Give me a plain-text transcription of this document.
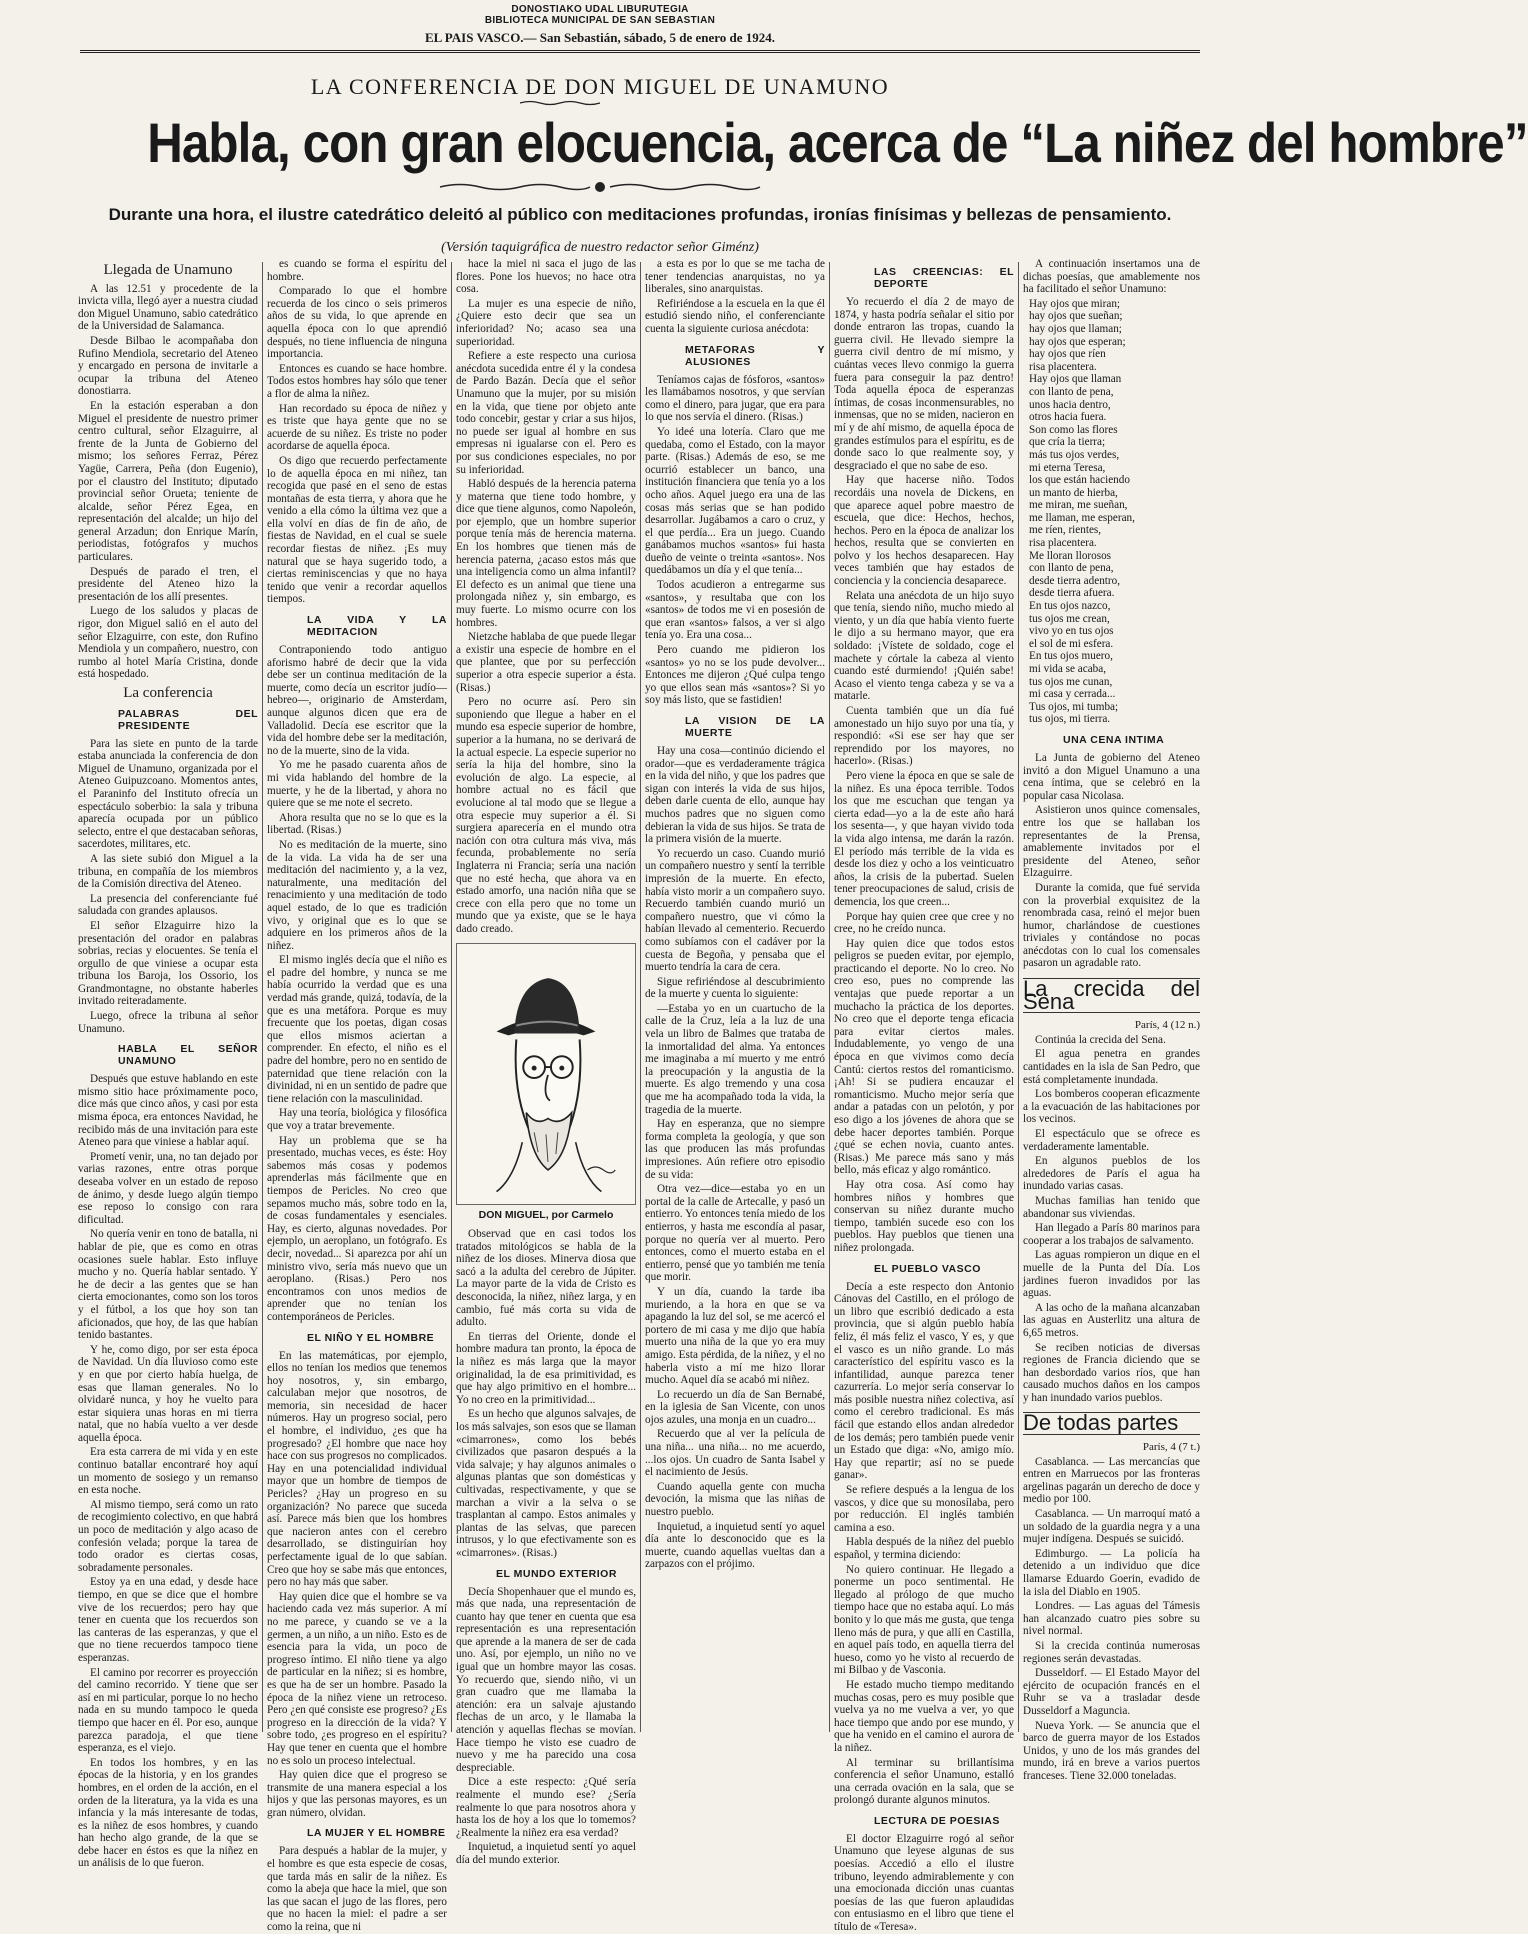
DONOSTIAKO UDAL LIBURUTEGIA
BIBLIOTECA MUNICIPAL DE SAN SEBASTIAN
EL PAIS VASCO.— San Sebastián, sábado, 5 de enero de 1924.
LA CONFERENCIA DE DON MIGUEL DE UNAMUNO
Habla, con gran elocuencia, acerca de “La niñez del hombre”
Durante una hora, el ilustre catedrático deleitó al público con meditaciones profundas, ironías finísimas y bellezas de pensamiento.
(Versión taquigráfica de nuestro redactor señor Giménz)
Llegada de Unamuno

A las 12.51 y procedente de la invicta villa, llegó ayer a nuestra ciudad don Miguel Unamuno, sabio catedrático de la Universidad de Salamanca.

Desde Bilbao le acompañaba don Rufino Mendiola, secretario del Ateneo y encargado en persona de invitarle a ocupar la tribuna del Ateneo donostiarra.

En la estación esperaban a don Miguel el presidente de nuestro primer centro cultural, señor Elzaguirre, al frente de la Junta de Gobierno del mismo; los señores Ferraz, Pérez Yagüe, Carrera, Peña (don Eugenio), por el claustro del Instituto; diputado provincial señor Orueta; teniente de alcalde, señor Pérez Egea, en representación del alcalde; un hijo del general Arzadun; don Enrique Marín, periodistas, fotógrafos y muchos particulares.

Después de parado el tren, el presidente del Ateneo hizo la presentación de los allí presentes.

Luego de los saludos y placas de rigor, don Miguel salió en el auto del señor Elzaguirre, con este, don Rufino Mendiola y un compañero, nuestro, con rumbo al hotel María Cristina, donde está hospedado.

La conferencia
PALABRAS DEL PRESIDENTE

Para las siete en punto de la tarde estaba anunciada la conferencia de don Miguel de Unamuno, organizada por el Ateneo Guipuzcoano. Momentos antes, el Paraninfo del Instituto ofrecía un espectáculo soberbio: la sala y tribuna aparecía ocupada por un público selecto, entre el que destacaban señoras, sacerdotes, militares, etc.

A las siete subió don Miguel a la tribuna, en compañía de los miembros de la Comisión directiva del Ateneo.

La presencia del conferenciante fué saludada con grandes aplausos.

El señor Elzaguirre hizo la presentación del orador en palabras sobrias, recias y elocuentes. Se tenía el orgullo de que viniese a ocupar esta tribuna los Baroja, los Ossorio, los Grandmontagne, no obstante haberles invitado reiteradamente.

Luego, ofrece la tribuna al señor Unamuno.

HABLA EL SEÑOR UNAMUNO

Después que estuve hablando en este mismo sitio hace próximamente poco, dice más que cinco años, y casi por esta misma época, era entonces Navidad, he recibido más de una invitación para este Ateneo para que viniese a hablar aquí.

Prometí venir, una, no tan dejado por varias razones, entre otras porque deseaba volver en un estado de reposo de ánimo, y desde luego algún tiempo ese reposo lo consigo con rara dificultad.

No quería venir en tono de batalla, ni hablar de pie, que es como en otras ocasiones suele hablar. Esto influye mucho y no. Quería hablar sentado. Y he de decir a las gentes que se han cierta emocionantes, como son los toros y el fútbol, a los que hoy son tan aficionados, que hoy, de las que habían tenido bastantes.

Y he, como digo, por ser esta época de Navidad. Un día lluvioso como este y en que por cierto había huelga, de esas que llaman generales. No lo olvidaré nunca, y hoy he vuelto para estar siquiera unas horas en mi tierra natal, que no había vuelto a ver desde aquella época.

Era esta carrera de mi vida y en este continuo batallar encontraré hoy aquí un momento de sosiego y un remanso en esta noche.

Al mismo tiempo, será como un rato de recogimiento colectivo, en que habrá un poco de meditación y algo acaso de confesión velada; porque la tarea de todo orador es ciertas cosas, sobradamente personales.

Estoy ya en una edad, y desde hace tiempo, en que se dice que el hombre vive de los recuerdos; pero hay que tener en cuenta que los recuerdos son las canteras de las esperanzas, y que el que no tiene recuerdos tampoco tiene esperanzas.

El camino por recorrer es proyección del camino recorrido. Y tiene que ser así en mi particular, porque lo no hecho nada en su mundo tampoco le queda tiempo que hacer en él. Por eso, aunque parezca paradoja, el que tiene esperanza, es el viejo.

En todos los hombres, y en las épocas de la historia, y en los grandes hombres, en el orden de la acción, en el orden de la literatura, ya la vida es una infancia y la más interesante de todas, es la niñez de esos hombres, y cuando han hecho algo grande, de la que se debe hacer en éstos es que la niñez en un análisis de lo que fueron.

es cuando se forma el espíritu del hombre.

Comparado lo que el hombre recuerda de los cinco o seis primeros años de su vida, lo que aprende en aquella época con lo que aprendió después, no tiene influencia de ninguna importancia.

Entonces es cuando se hace hombre. Todos estos hombres hay sólo que tener a flor de alma la niñez.

Han recordado su época de niñez y es triste que haya gente que no se acuerde de su niñez. Es triste no poder acordarse de aquella época.

Os digo que recuerdo perfectamente lo de aquella época en mi niñez, tan recogida que pasé en el seno de estas montañas de esta tierra, y ahora que he venido a ella cómo la última vez que a ella volví en días de fin de año, de fiestas de Navidad, en el cual se suele recordar fiestas de niñez. ¡Es muy natural que se haya sugerido todo, a ciertas reminiscencias y que no haya tenido que venir a recordar aquellos tiempos.

LA VIDA Y LA MEDITACION

Contraponiendo todo antiguo aforismo habré de decir que la vida debe ser un continua meditación de la muerte, como decía un escritor judío—hebreo—, originario de Amsterdam, aunque algunos dicen que era de Valladolid. Decía ese escritor que la vida del hombre debe ser la meditación, no de la muerte, sino de la vida.

Yo me he pasado cuarenta años de mi vida hablando del hombre de la muerte, y he de la libertad, y ahora no quiere que se me note el secreto.

Ahora resulta que no se lo que es la libertad. (Risas.)

No es meditación de la muerte, sino de la vida. La vida ha de ser una meditación del nacimiento y, a la vez, naturalmente, una meditación del renacimiento y una meditación de todo aquel estado, de lo que es tradición vivo, y original que es lo que se adquiere en los primeros años de la niñez.

El mismo inglés decía que el niño es el padre del hombre, y nunca se me había ocurrido la verdad que es una verdad más grande, quizá, todavía, de la que es una metáfora. Porque es muy frecuente que los poetas, digan cosas que ellos mismos aciertan a comprender. En efecto, el niño es el padre del hombre, pero no en sentido de paternidad que tiene relación con la divinidad, ni en un sentido de padre que tiene relación con la masculinidad.

Hay una teoría, biológica y filosófica que voy a tratar brevemente.

Hay un problema que se ha presentado, muchas veces, es éste: Hoy sabemos más cosas y podemos aprenderlas más fácilmente que en tiempos de Pericles. No creo que sepamos mucho más, sobre todo en la, de cosas fundamentales y esenciales. Hay, es cierto, algunas novedades. Por ejemplo, un aeroplano, un fotógrafo. Es decir, novedad... Si aparezca por ahí un ministro vivo, sería más nuevo que un aeroplano. (Risas.) Pero nos encontramos con unos medios de aprender que no tenían los contemporáneos de Pericles.

EL NIÑO Y EL HOMBRE

En las matemáticas, por ejemplo, ellos no tenían los medios que tenemos hoy nosotros, y, sin embargo, calculaban mejor que nosotros, de memoria, sin necesidad de hacer números. Hay un progreso social, pero el hombre, el individuo, ¿es que ha progresado? ¿El hombre que nace hoy hace con sus progresos no complicados. Hay en una potencialidad individual mayor que un hombre de tiempos de Pericles? ¿Hay un progreso en su organización? No parece que suceda así. Parece más bien que los hombres que nacieron antes con el cerebro desarrollado, se distinguirían hoy perfectamente igual de lo que sabían. Creo que hoy se sabe más que entonces, pero no hay más que saber.

Hay quien dice que el hombre se va haciendo cada vez más superior. A mí no me parece, y cuando se ve a la germen, a un niño, a un niño. Esto es de esencia para la vida, un poco de progreso íntimo. El niño tiene ya algo de particular en la niñez; si es hombre, es que ha de ser un hombre. Pasado la época de la niñez viene un retroceso. Pero ¿en qué consiste ese progreso? ¿Es progreso en la dirección de la vida? Y sobre todo, ¿es progreso en el espíritu? Hay que tener en cuenta que el hombre no es solo un proceso intelectual.

Hay quien dice que el progreso se transmite de una manera especial a los hijos y que las personas mayores, es un gran número, olvidan.

LA MUJER Y EL HOMBRE

Para después a hablar de la mujer, y el hombre es que esta especie de cosas, que tarda más en salir de la niñez. Es como la abeja que hace la miel, que son las que sacan el jugo de las flores, pero que no hacen la miel: el padre a ser como la reina, que ni

hace la miel ni saca el jugo de las flores. Pone los huevos; no hace otra cosa.

La mujer es una especie de niño, ¿Quiere esto decir que sea un inferioridad? No; acaso sea una superioridad.

Refiere a este respecto una curiosa anécdota sucedida entre él y la condesa de Pardo Bazán. Decía que el señor Unamuno que la mujer, por su misión en la vida, que tiene por objeto ante todo concebir, gestar y criar a sus hijos, no puede ser igual al hombre en sus empresas ni igualarse con el. Pero es por sus condiciones especiales, no por su inferioridad.

Habló después de la herencia paterna y materna que tiene todo hombre, y dice que tiene algunos, como Napoleón, por ejemplo, que un hombre superior porque tenía más de herencia materna. En los hombres que tienen más de herencia paterna, ¿acaso estos más que una inteligencia como un alma infantil? El defecto es un animal que tiene una prolongada niñez y, sin embargo, es muy fuerte. Lo mismo ocurre con los hombres.

Nietzche hablaba de que puede llegar a existir una especie de hombre en el que plantee, que por su perfección superior a otra especie superior a ésta. (Risas.)

Pero no ocurre así. Pero sin suponiendo que llegue a haber en el mundo esa especie superior de hombre, superior a la humana, no se derivará de la actual especie. La especie superior no sería la hija del hombre, sino la evolución de algo. La especie, al hombre actual no es fácil que evolucione al tal modo que se llegue a otra especie muy superior a él. Si surgiera aparecería en el mundo otra nación con otra cultura más viva, más fecunda, probablemente no sería Inglaterra ni Francia; sería una nación que no esté hecha, que ahora va en estado amorfo, una nación niña que se crece con ella pero que no tome un mundo que ya existe, que se le haya dado creado.

DON MIGUEL, por Carmelo

Observad que en casi todos los tratados mitológicos se habla de la niñez de los dioses. Minerva diosa que sacó a la adulta del cerebro de Júpiter. La mayor parte de la vida de Cristo es desconocida, la niñez, niñez larga, y en cambio, fué más corta su vida de adulto.

En tierras del Oriente, donde el hombre madura tan pronto, la época de la niñez es más larga que la mayor originalidad, la de esa primitividad, es que hay algo primitivo en el hombre... Yo no creo en la primitividad...

Es un hecho que algunos salvajes, de los más salvajes, son esos que se llaman «cimarrones», como los bebés civilizados que pasaron después a la vida salvaje; y hay algunos animales o algunas plantas que son domésticas y cultivadas, respectivamente, y que se marchan a vivir a la selva o se trasplantan al campo. Estos animales y plantas de las selvas, que parecen intrusos, y lo que efectivamente son es «cimarrones». (Risas.)

EL MUNDO EXTERIOR

Decía Shopenhauer que el mundo es, más que nada, una representación de cuanto hay que tener en cuenta que esa representación es una representación que aprende a la manera de ser de cada uno. Así, por ejemplo, un niño no ve igual que un hombre mayor las cosas. Yo recuerdo que, siendo niño, vi un gran cuadro que me llamaba la atención: era un salvaje ajustando flechas de un arco, y le llamaba la atención y aquellas flechas se movían. Hace tiempo he visto ese cuadro de nuevo y me ha parecido una cosa despreciable.

Dice a este respecto: ¿Qué sería realmente el mundo ese? ¿Sería realmente lo que para nosotros ahora y hasta los de hoy a los que lo tomemos? ¿Realmente la niñez era esa verdad?

Inquietud, a inquietud sentí yo aquel día del mundo exterior.

a esta es por lo que se me tacha de tener tendencias anarquistas, no ya liberales, sino anarquistas.

Refiriéndose a la escuela en la que él estudió siendo niño, el conferenciante cuenta la siguiente curiosa anécdota:

METAFORAS Y ALUSIONES

Teníamos cajas de fósforos, «santos» les llamábamos nosotros, y que servían como el dinero, para jugar, que era para lo que nos servía el dinero. (Risas.)

Yo ideé una lotería. Claro que me quedaba, como el Estado, con la mayor parte. (Risas.) Además de eso, se me ocurrió establecer un banco, una institución financiera que tenía yo a los ocho años. Aquel juego era una de las cosas más serias que se han podido desarrollar. Jugábamos a caro o cruz, y el que perdía... Era un juego. Cuando ganábamos muchos «santos» fui hasta dueño de veinte o treinta «santos». Nos quedábamos un día y el que tenía...

Todos acudieron a entregarme sus «santos», y resultaba que con los «santos» de todos me vi en posesión de que eran «santos» falsos, a ver si algo tenía yo. Era una cosa...

Pero cuando me pidieron los «santos» yo no se los pude devolver... Entonces me dijeron ¿Qué culpa tengo yo que ellos sean más «santos»? Si yo soy más listo, que se fastidien!

LA VISION DE LA MUERTE

Hay una cosa—continúo diciendo el orador—que es verdaderamente trágica en la vida del niño, y que los padres que sigan con interés la vida de sus hijos, deben darle cuenta de ello, aunque hay muchos padres que no siguen como debieran la vida de sus hijos. Se trata de la primera visión de la muerte.

Yo recuerdo un caso. Cuando murió un compañero nuestro y sentí la terrible impresión de la muerte. En efecto, había visto morir a un compañero suyo. Recuerdo también cuando murió un compañero nuestro, que vi cómo la habían llevado al cementerio. Recuerdo como subíamos con el cadáver por la cuesta de Begoña, y pensaba que el muerto tendría la cara de cera.

Sigue refiriéndose al descubrimiento de la muerte y cuenta lo siguiente:

—Estaba yo en un cuartucho de la calle de la Cruz, leía a la luz de una vela un libro de Balmes que trataba de la inmortalidad del alma. Ya entonces me imaginaba a mí muerto y me entró la preocupación y la angustia de la muerte. Es algo tremendo y una cosa que me ha acompañado toda la vida, la tragedia de la muerte.

Hay en esperanza, que no siempre forma completa la geología, y que son las que producen las más profundas impresiones. Aún refiere otro episodio de su vida:

Otra vez—dice—estaba yo en un portal de la calle de Artecalle, y pasó un entierro. Yo entonces tenía miedo de los entierros, y hasta me escondía al pasar, porque no quería ver al muerto. Pero entonces, como el muerto estaba en el entierro, pensé que yo también me tenía que morir.

Y un día, cuando la tarde iba muriendo, a la hora en que se va apagando la luz del sol, se me acercó el portero de mi casa y me dijo que había muerto una niña de la que yo era muy amigo. Esta pérdida, de la niñez, y el no haberla visto a mí me hizo llorar mucho. Aquel día se acabó mi niñez.

Lo recuerdo un día de San Bernabé, en la iglesia de San Vicente, con unos ojos azules, una monja en un cuadro...

Recuerdo que al ver la película de una niña... una niña... no me acuerdo, ...los ojos. Un cuadro de Santa Isabel y el nacimiento de Jesús.

Cuando aquella gente con mucha devoción, la misma que las niñas de nuestro pueblo.

Inquietud, a inquietud sentí yo aquel día ante lo desconocido que es la muerte, cuando aquellas vueltas dan a zarpazos con el prójimo.

LAS CREENCIAS: EL DEPORTE

Yo recuerdo el día 2 de mayo de 1874, y hasta podría señalar el sitio por donde entraron las tropas, cuando la guerra civil. He llevado siempre la guerra civil dentro de mí mismo, y cuántas veces llevo conmigo la guerra fuera para conseguir la paz dentro! Toda aquella época de esperanzas íntimas, de cosas inconmensurables, no inmensas, que no se miden, nacieron en mí y de ahí mismo, de aquella época de grandes estímulos para el espíritu, es de donde saco lo que realmente soy, y desgraciado el que no sabe de eso.

Hay que hacerse niño. Todos recordáis una novela de Dickens, en que aparece aquel pobre maestro de escuela, que dice: Hechos, hechos, hechos. Pero en la época de analizar los hechos, resulta que se convierten en polvo y los hechos desaparecen. Hay veces también que hay estados de conciencia y la conciencia desaparece.

Relata una anécdota de un hijo suyo que tenía, siendo niño, mucho miedo al viento, y un día que había viento fuerte le dijo a su hermano mayor, que era soldado: ¡Vístete de soldado, coge el machete y córtale la cabeza al viento cuando esté durmiendo! ¡Quién sabe! Acaso el viento tenga cabeza y se va a matarle.

Cuenta también que un día fué amonestado un hijo suyo por una tía, y respondió: «Si ese ser hay que ser reprendido por los mayores, no hacerlo». (Risas.)

Pero viene la época en que se sale de la niñez. Es una época terrible. Todos los que me escuchan que tengan ya cierta edad—yo a la de este año hará los sesenta—, y que hayan vivido toda la vida algo intensa, me darán la razón. El período más terrible de la vida es desde los diez y ocho a los veinticuatro años, la crisis de la pubertad. Suelen tener preocupaciones de salud, crisis de demencia, los que creen...

Porque hay quien cree que cree y no cree, no he creído nunca.

Hay quien dice que todos estos peligros se pueden evitar, por ejemplo, practicando el deporte. No lo creo. No creo eso, pues no comprende las ventajas que puede reportar a un muchacho la práctica de los deportes. No creo que el deporte tenga eficacia para evitar ciertos males. Indudablemente, yo vengo de una época en que vivimos como decía Cantú: ciertos restos del romanticismo. ¡Ah! Si se pudiera encauzar el romanticismo. Mucho mejor sería que andar a patadas con un pelotón, y por eso digo a los jóvenes de ahora que se debe hacer deportes también. Porque ¿qué se echen novia, cuanto antes. (Risas.) Me parece más sano y más bello, más eficaz y algo romántico.

Hay otra cosa. Así como hay hombres niños y hombres que conservan su niñez durante mucho tiempo, también sucede eso con los pueblos. Hay pueblos que tienen una niñez prolongada.

EL PUEBLO VASCO

Decía a este respecto don Antonio Cánovas del Castillo, en el prólogo de un libro que escribió dedicado a esta provincia, que si algún pueblo había feliz, él más feliz el vasco, Y es, y que el vasco es un niño grande. Lo más característico del espíritu vasco es la infantilidad, aunque parezca tener cazurrería. Lo mejor sería conservar lo más posible nuestra niñez colectiva, así como el cerebro tradicional. Es más fácil que estando ellos andan alrededor de los demás; pero también puede venir un Estado que diga: «No, amigo mío. Hay que repartir; así no se puede ganar».

Se refiere después a la lengua de los vascos, y dice que su monosílaba, pero por reducción. El inglés también camina a eso.

Habla después de la niñez del pueblo español, y termina diciendo:

No quiero continuar. He llegado a ponerme un poco sentimental. He llegado al prólogo de que mucho tiempo hace que no estaba aquí. Lo más bonito y lo que más me gusta, que tenga lleno más de pura, y que allí en Castilla, en aquel país todo, en aquella tierra del hueso, como yo he visto al recuerdo de mi Bilbao y de Vasconia.

He estado mucho tiempo meditando muchas cosas, pero es muy posible que vuelva ya no me vuelva a ver, yo que hace tiempo que ando por ese mundo, y que ha venido en el camino el aurora de la niñez.

Al terminar su brillantísima conferencia el señor Unamuno, estalló una cerrada ovación en la sala, que se prolongó durante algunos minutos.

LECTURA DE POESIAS

El doctor Elzaguirre rogó al señor Unamuno que leyese algunas de sus poesías. Accedió a ello el ilustre tribuno, leyendo admirablemente y con una emocionada dicción unas cuantas poesías de las que fueron aplaudidas con entusiasmo en el libro que tiene el título de «Teresa».

A continuación insertamos una de dichas poesías, que amablemente nos ha facilitado el señor Unamuno:

Hay ojos que miran;
hay ojos que sueñan;
hay ojos que llaman;
hay ojos que esperan;
hay ojos que ríen
risa placentera.
Hay ojos que llaman
con llanto de pena,
unos hacia dentro,
otros hacia fuera.
Son como las flores
que cría la tierra;
más tus ojos verdes,
mi eterna Teresa,
los que están haciendo
un manto de hierba,
me miran, me sueñan,
me llaman, me esperan,
me ríen, rientes,
risa placentera.
Me lloran llorosos
con llanto de pena,
desde tierra adentro,
desde tierra afuera.
En tus ojos nazco,
tus ojos me crean,
vivo yo en tus ojos
el sol de mi esfera.
En tus ojos muero,
mi vida se acaba,
tus ojos me cunan,
mi casa y cerrada...
Tus ojos, mi tumba;
tus ojos, mi tierra.
UNA CENA INTIMA

La Junta de gobierno del Ateneo invitó a don Miguel Unamuno a una cena íntima, que se celebró en la popular casa Nicolasa.

Asistieron unos quince comensales, entre los que se hallaban los representantes de la Prensa, amablemente invitados por el presidente del Ateneo, señor Elzaguirre.

Durante la comida, que fué servida con la proverbial exquisitez de la renombrada casa, reinó el mejor buen humor, charlándose de cuestiones triviales y contándose no pocas anécdotas con lo cual los comensales pasaron un agradable rato.

La crecida del Sena
París, 4 (12 n.)

Continúa la crecida del Sena.

El agua penetra en grandes cantidades en la isla de San Pedro, que está completamente inundada.

Los bomberos cooperan eficazmente a la evacuación de las habitaciones por los vecinos.

El espectáculo que se ofrece es verdaderamente lamentable.

En algunos pueblos de los alrededores de París el agua ha inundado varias casas.

Muchas familias han tenido que abandonar sus viviendas.

Han llegado a París 80 marinos para cooperar a los trabajos de salvamento.

Las aguas rompieron un dique en el muelle de la Punta del Día. Los jardines fueron invadidos por las aguas.

A las ocho de la mañana alcanzaban las aguas en Austerlitz una altura de 6,65 metros.

Se reciben noticias de diversas regiones de Francia diciendo que se han desbordado varios ríos, que han causado muchos daños en los campos y han inundado varios pueblos.

De todas partes
París, 4 (7 t.)

Casablanca. — Las mercancías que entren en Marruecos por las fronteras argelinas pagarán un derecho de doce y medio por 100.

Casablanca. — Un marroquí mató a un soldado de la guardia negra y a una mujer indígena. Después se suicidó.

Edimburgo. — La policía ha detenido a un individuo que dice llamarse Eduardo Goerin, evadido de la isla del Diablo en 1905.

Londres. — Las aguas del Támesis han alcanzado cuatro pies sobre su nivel normal.

Si la crecida continúa numerosas regiones serán devastadas.

Dusseldorf. — El Estado Mayor del ejército de ocupación francés en el Ruhr se va a trasladar desde Dusseldorf a Maguncia.

Nueva York. — Se anuncia que el barco de guerra mayor de los Estados Unidos, y uno de los más grandes del mundo, irá en breve a varios puertos franceses. Tiene 32.000 toneladas.
